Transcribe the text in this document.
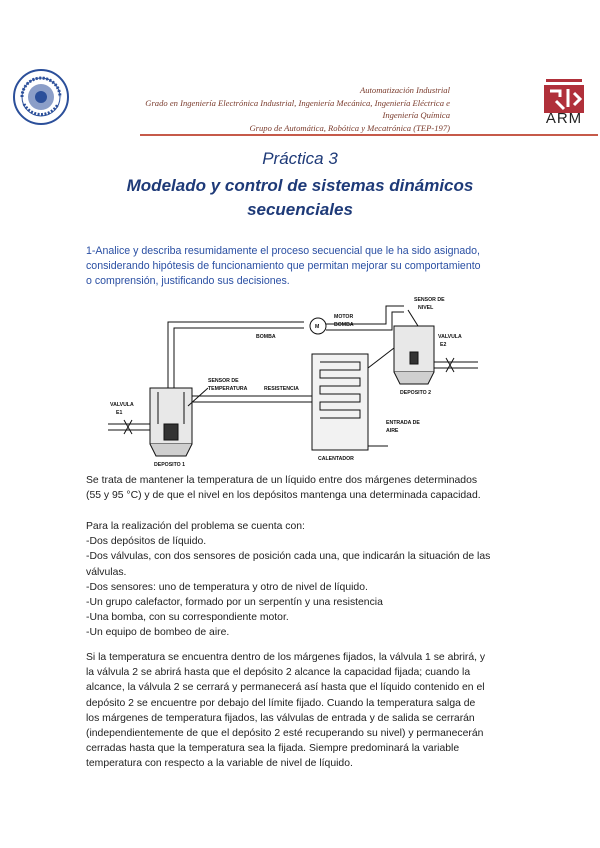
Automatización Industrial
Grado en Ingeniería Electrónica Industrial, Ingeniería Mecánica, Ingeniería Eléctrica e
Ingeniería Química
Grupo de Automática, Robótica y Mecatrónica (TEP-197)
ARM
Práctica 3
Modelado y control de sistemas dinámicos
secuenciales
1-Analice y describa resumidamente el proceso secuencial que le ha sido asignado,
considerando hipótesis de funcionamiento que permitan mejorar su comportamiento
o comprensión, justificando sus decisiones.
SENSOR DE
NIVEL
M
MOTOR
BOMBA
BOMBA	VALVULA
E2
RESISTENCIA
SENSOR DE
TEMPERATURA
DEPOSITO 2
VALVULA
E1
ENTRADA DE
AIRE
CALENTADOR
DEPOSITO 1
Se trata de mantener la temperatura de un líquido entre dos márgenes determinados
(55 y 95 °C) y de que el nivel en los depósitos mantenga una determinada capacidad.
Para la realización del problema se cuenta con:
-Dos depósitos de líquido.
-Dos válvulas, con dos sensores de posición cada una, que indicarán la situación de las
válvulas.
-Dos sensores: uno de temperatura y otro de nivel de líquido.
-Un grupo calefactor, formado por un serpentín y una resistencia
-Una bomba, con su correspondiente motor.
-Un equipo de bombeo de aire.
Si la temperatura se encuentra dentro de los márgenes fijados, la válvula 1 se abrirá, y
la válvula 2 se abrirá hasta que el depósito 2 alcance la capacidad fijada; cuando la
alcance, la válvula 2 se cerrará y permanecerá así hasta que el líquido contenido en el
depósito 2 se encuentre por debajo del límite fijado. Cuando la temperatura salga de
los márgenes de temperatura fijados, las válvulas de entrada y de salida se cerrarán
(independientemente de que el depósito 2 esté recuperando su nivel) y permanecerán
cerradas hasta que la temperatura sea la fijada. Siempre predominará la variable
temperatura con respecto a la variable de nivel de líquido.
